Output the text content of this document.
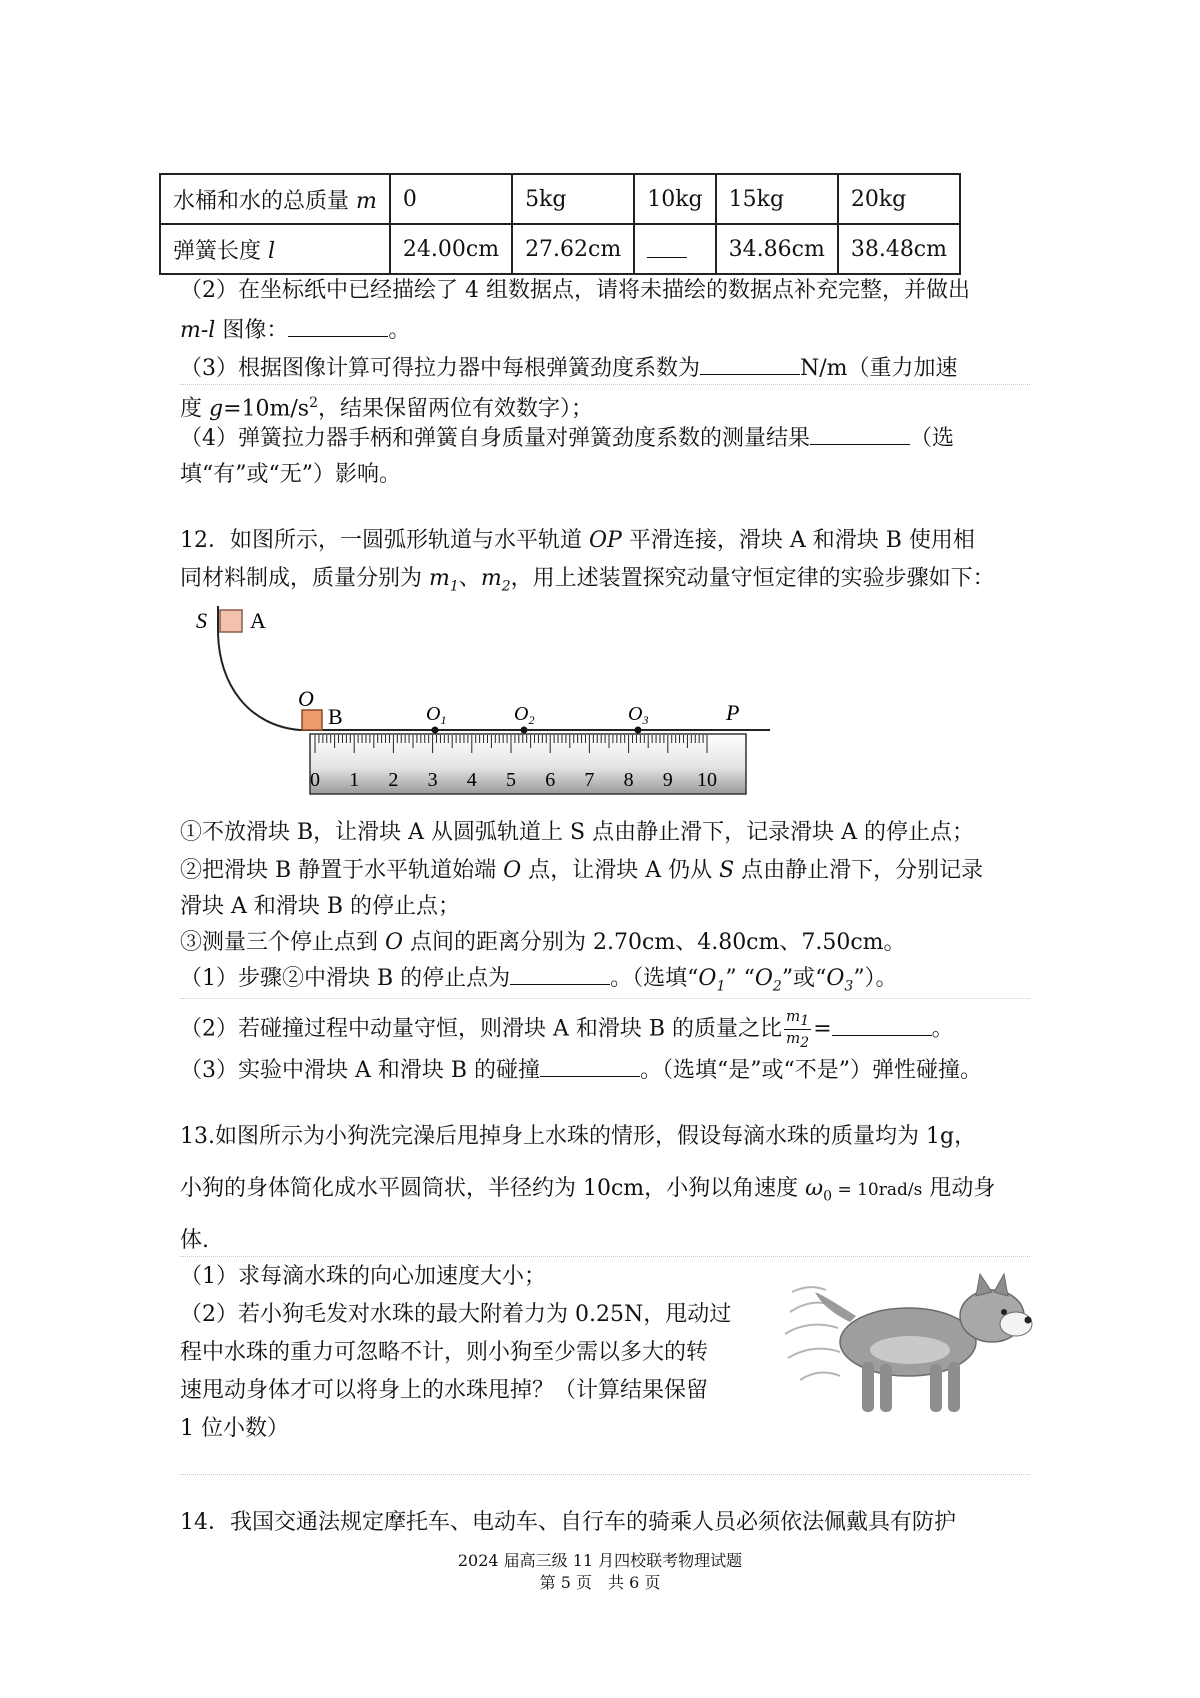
水桶和水的总质量 m	0	5kg	10kg	15kg	20kg
弹簧长度 l	24.00cm	27.62cm		34.86cm	38.48cm
（2）在坐标纸中已经描绘了 4 组数据点，请将未描绘的数据点补充完整，并做出
m-l 图像：	。
（3）根据图像计算可得拉力器中每根弹簧劲度系数为	N/m（重力加速
度 $g=10m/s^2$，结果保留两位有效数字）；
（4）弹簧拉力器手柄和弹簧自身质量对弹簧劲度系数的测量结果	（选
填“有”或“无”）影响。
12．如图所示，一圆弧形轨道与水平轨道 OP 平滑连接，滑块 A 和滑块 B 使用相
同材料制成，质量分别为 $m_1$、$m_2$，用上述装置探究动量守恒定律的实验步骤如下：
S A
O
B	$O_1$	$O_2$	$O_3$	P
0 1 2 3 4 5 6 7 8 9 10
①不放滑块 B，让滑块 A 从圆弧轨道上 S 点由静止滑下，记录滑块 A 的停止点；
②把滑块 B 静置于水平轨道始端 O 点，让滑块 A 仍从 S 点由静止滑下，分别记录
滑块 A 和滑块 B 的停止点；
③测量三个停止点到 O 点间的距离分别为 2.70cm、4.80cm、7.50cm。
（1）步骤②中滑块 B 的停止点为	。（选填“$O_1$” “$O_2$”或“$O_3$”）。
（2）若碰撞过程中动量守恒，则滑块 A 和滑块 B 的质量之比 $\frac{m_1}{m_2}$ =	。
（3）实验中滑块 A 和滑块 B 的碰撞	。（选填“是”或“不是”）弹性碰撞。
13.如图所示为小狗洗完澡后甩掉身上水珠的情形，假设每滴水珠的质量均为 1g，
小狗的身体简化成水平圆筒状，半径约为 10cm，小狗以角速度 $\omega_0 = 10rad/s$ 甩动身
体.
（1）求每滴水珠的向心加速度大小；
（2）若小狗毛发对水珠的最大附着力为 0.25N，甩动过
程中水珠的重力可忽略不计，则小狗至少需以多大的转
速甩动身体才可以将身上的水珠甩掉？（计算结果保留
1 位小数）
14．我国交通法规定摩托车、电动车、自行车的骑乘人员必须依法佩戴具有防护
2024 届高三级 11 月四校联考物理试题
第 5 页　共 6 页
